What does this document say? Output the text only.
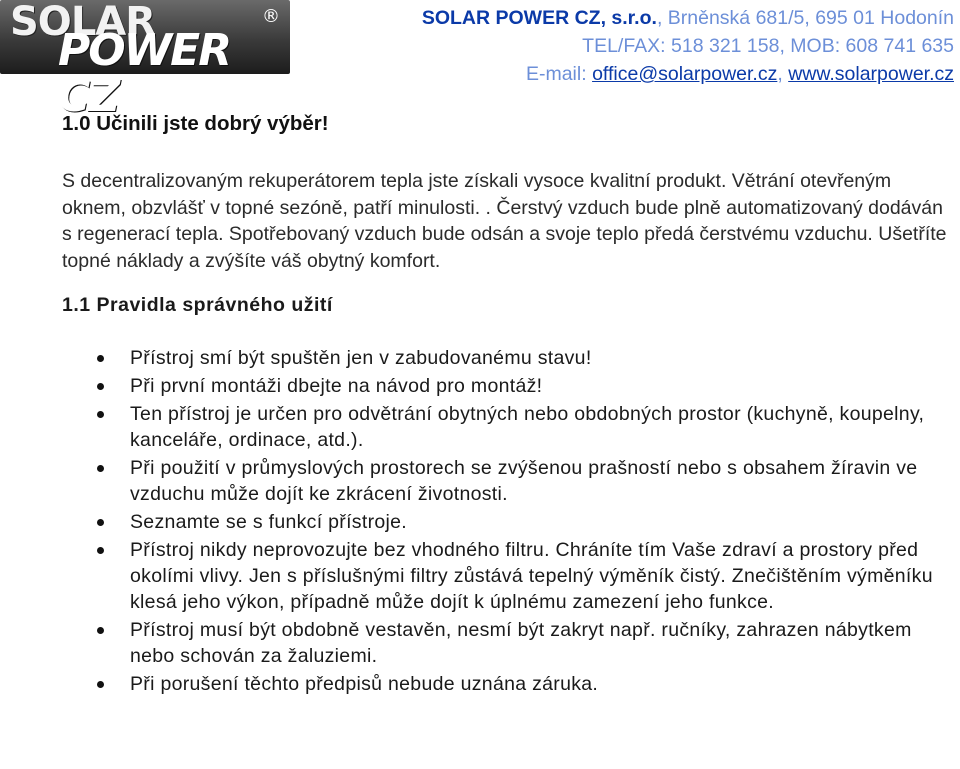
SOLAR
POWER CZ
®	SOLAR POWER CZ, s.r.o., Brněnská 681/5, 695 01 Hodonín
TEL/FAX: 518 321 158, MOB: 608 741 635
E-mail: office@solarpower.cz, www.solarpower.cz
1.0 Učinili jste dobrý výběr!

S decentralizovaným rekuperátorem tepla jste získali vysoce kvalitní produkt. Větrání otevřeným oknem, obzvlášť v topné sezóně, patří minulosti. . Čerstvý vzduch bude plně automatizovaný dodáván s regenerací tepla. Spotřebovaný vzduch bude odsán a svoje teplo předá čerstvému vzduchu. Ušetříte topné náklady a zvýšíte váš obytný komfort.

1.1 Pravidla správného užití
Přístroj smí být spuštěn jen v zabudovanému stavu!
Při první montáži dbejte na návod pro montáž!
Ten přístroj je určen pro odvětrání obytných nebo obdobných prostor (kuchyně, koupelny, kanceláře, ordinace, atd.).
Při použití v průmyslových prostorech se zvýšenou prašností nebo s obsahem žíravin ve vzduchu může dojít ke zkrácení životnosti.
Seznamte se s funkcí přístroje.
Přístroj nikdy neprovozujte bez vhodného filtru. Chráníte tím Vaše zdraví a prostory před okolími vlivy. Jen s příslušnými filtry zůstává tepelný výměník čistý. Znečištěním výměníku klesá jeho výkon, případně může dojít k úplnému zamezení jeho funkce.
Přístroj musí být obdobně vestavěn, nesmí být zakryt např. ručníky, zahrazen nábytkem nebo schován za žaluziemi.
Při porušení těchto předpisů nebude uznána záruka.
